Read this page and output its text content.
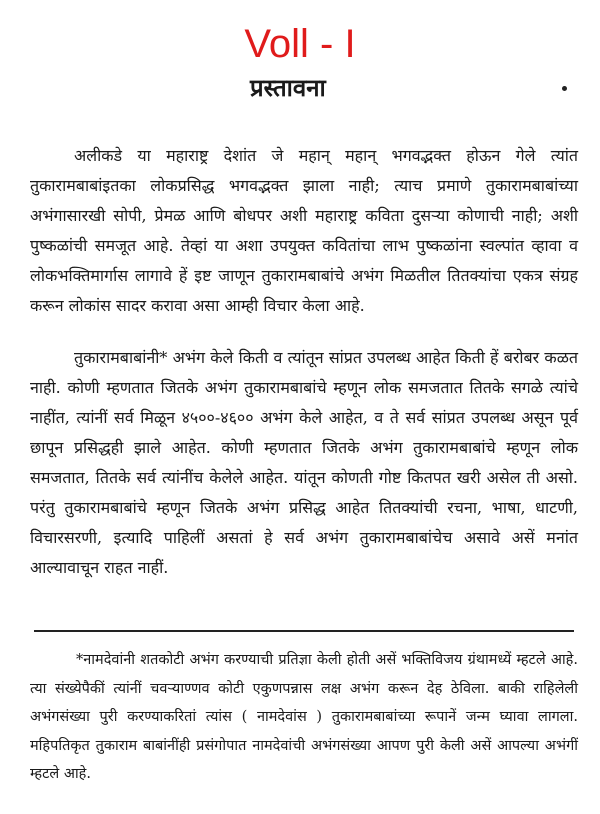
Voll - I
प्रस्तावना

अलीकडे या महाराष्ट्र देशांत जे महान् महान् भगवद्भक्त होऊन गेले त्यांत तुकारामबाबांइतका लोकप्रसिद्ध भगवद्भक्त झाला नाही; त्याच प्रमाणे तुकारामबाबांच्या अभंगासारखी सोपी, प्रेमळ आणि बोधपर अशी महाराष्ट्र कविता दुसऱ्या कोणाची नाही; अशी पुष्कळांची समजूत आहे. तेव्हां या अशा उपयुक्त कवितांचा लाभ पुष्कळांना स्वल्पांत व्हावा व लोकभक्तिमार्गास लागावे हें इष्ट जाणून तुकारामबाबांचे अभंग मिळतील तितक्यांचा एकत्र संग्रह करून लोकांस सादर करावा असा आम्ही विचार केला आहे.

तुकारामबाबांनी* अभंग केले किती व त्यांतून सांप्रत उपलब्ध आहेत किती हें बरोबर कळत नाही. कोणी म्हणतात जितके अभंग तुकारामबाबांचे म्हणून लोक समजतात तितके सगळे त्यांचे नाहींत, त्यांनीं सर्व मिळून ४५००-४६०० अभंग केले आहेत, व ते सर्व सांप्रत उपलब्ध असून पूर्व छापून प्रसिद्धही झाले आहेत. कोणी म्हणतात जितके अभंग तुकारामबाबांचे म्हणून लोक समजतात, तितके सर्व त्यांनींच केलेले आहेत. यांतून कोणती गोष्ट कितपत खरी असेल ती असो. परंतु तुकारामबाबांचे म्हणून जितके अभंग प्रसिद्ध आहेत तितक्यांची रचना, भाषा, धाटणी, विचारसरणी, इत्यादि पाहिलीं असतां हे सर्व अभंग तुकारामबाबांचेच असावे असें मनांत आल्यावाचून राहत नाहीं.

*नामदेवांनी शतकोटी अभंग करण्याची प्रतिज्ञा केली होती असें भक्तिविजय ग्रंथामध्यें म्हटले आहे. त्या संख्येपैकीं त्यांनीं चवऱ्याण्णव कोटी एकुणपन्नास लक्ष अभंग करून देह ठेविला. बाकी राहिलेली अभंगसंख्या पुरी करण्याकरितां त्यांस ( नामदेवांस ) तुकारामबाबांच्या रूपानें जन्म घ्यावा लागला. महिपतिकृत तुकाराम बाबांनींही प्रसंगोपात नामदेवांची अभंगसंख्या आपण पुरी केली असें आपल्या अभंगीं म्हटले आहे.
